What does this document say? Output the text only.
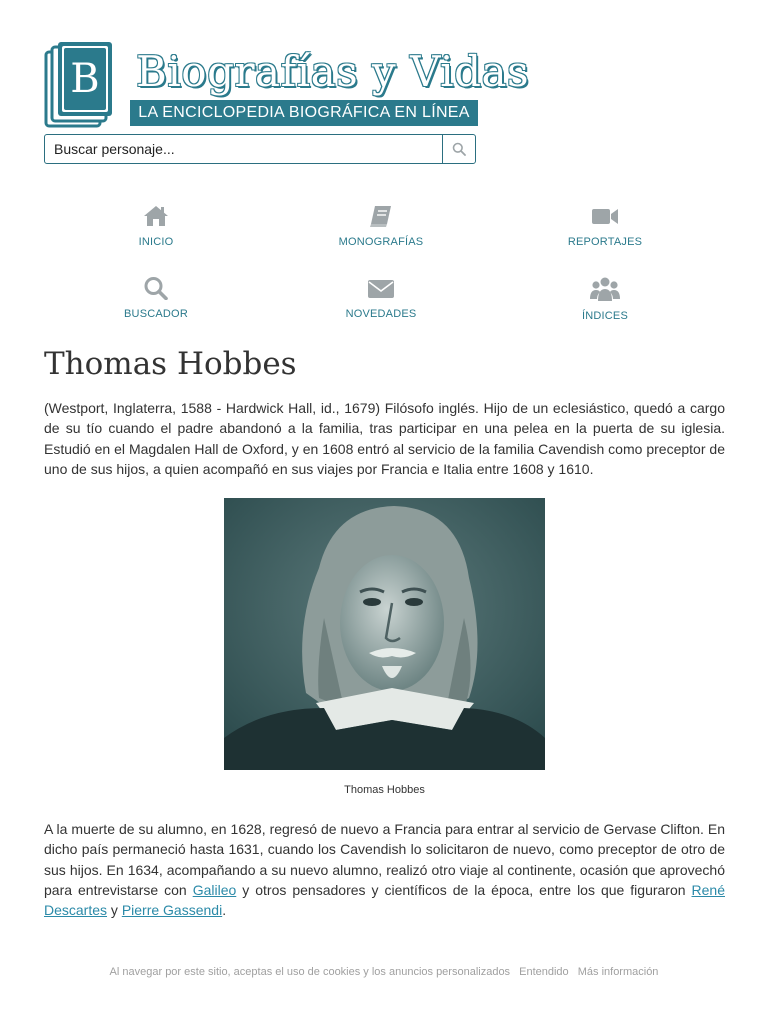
B Biografías y Vidas
LA ENCICLOPEDIA BIOGRÁFICA EN LÍNEA
Buscar personaje...
INICIO	MONOGRAFÍAS	REPORTAJES
BUSCADOR	NOVEDADES	ÍNDICES
Thomas Hobbes

(Westport, Inglaterra, 1588 - Hardwick Hall, id., 1679) Filósofo inglés. Hijo de un eclesiástico, quedó a cargo de su tío cuando el padre abandonó a la familia, tras participar en una pelea en la puerta de su iglesia. Estudió en el Magdalen Hall de Oxford, y en 1608 entró al servicio de la familia Cavendish como preceptor de uno de sus hijos, a quien acompañó en sus viajes por Francia e Italia entre 1608 y 1610.

Thomas Hobbes

A la muerte de su alumno, en 1628, regresó de nuevo a Francia para entrar al servicio de Gervase Clifton. En dicho país permaneció hasta 1631, cuando los Cavendish lo solicitaron de nuevo, como preceptor de otro de sus hijos. En 1634, acompañando a su nuevo alumno, realizó otro viaje al continente, ocasión que aprovechó para entrevistarse con Galileo y otros pensadores y científicos de la época, entre los que figuraron René Descartes y Pierre Gassendi.

Al navegar por este sitio, aceptas el uso de cookies y los anuncios personalizados Entendido Más información
